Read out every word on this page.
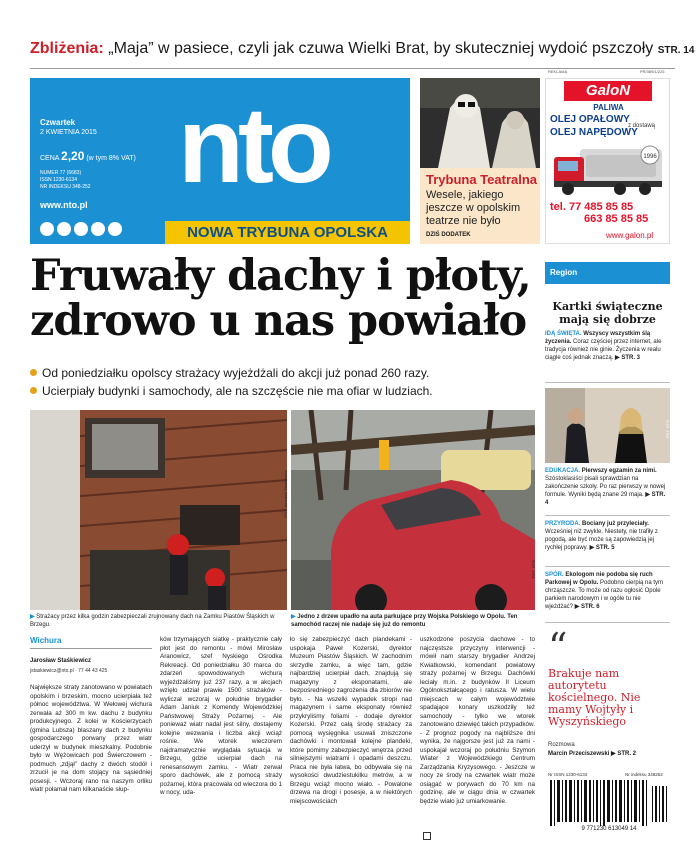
Zbliżenia: „Maja” w pasiece, czyli jak czuwa Wielki Brat, by skuteczniej wydoić pszczoły STR. 14
Czwartek
2 KWIETNIA 2015
CENA 2,20 (w tym 8% VAT)
NUMER 77 (6683)
ISSN 1230-6134
NR INDEKSU 348-252
www.nto.pl nto
NOWA TRYBUNA OPOLSKA
Trybuna Teatralna
Wesele, jakiego jeszcze w opolskim teatrze nie było
DZIŚ DODATEK
REKLAMA	PR/389/1/225
GaloN
PALIWA
OLEJ OPAŁOWY
OLEJ NAPĘDOWY
z dostawą
1996
tel. 77 485 85 85
663 85 85 85
www.galon.pl
Fruwały dachy i płoty,
zdrowo u nas powiało
Od poniedziałku opolscy strażacy wyjeżdżali do akcji już ponad 260 razy.
Ucierpiały budynki i samochody, ale na szczęście nie ma ofiar w ludziach.
FOT. Jarosław Staśkiewicz
FOT. NTO
▶ Strażacy przez kilka godzin zabezpieczali zrujnowany dach na Zamku Piastów Śląskich w Brzegu.
▶ Jedno z drzew upadło na auta parkujące przy Wojska Polskiego w Opolu. Ten samochód raczej nie nadaje się już do remontu
Wichura
Jarosław Staśkiewicz
jstaskiewicz@nto.pl · 77 44 43 425
Największe straty zanotowano w powiatach opolskim i brzeskim, mocno ucierpiała też północ województwa. W Wełowej wichura zerwała aż 300 m kw. dachu z budynku produkcyjnego. Z kolei w Kościerzycach (gmina Lubsza) blaszany dach z budynku gospodarczego porwany przez wiatr uderzył w budynek mieszkalny. Podobnie było w Wężowicach pod Świerczowem - podmuch „zdjął” dachy z dwóch stodół i zrzucił je na dom stojący na sąsiedniej posesji. - Wczoraj rano na naszym orliku wiatr połamał nam kilkanaście słup-
ków trzymających siatkę - praktycznie cały płot jest do remontu - mówi Mirosław Aranowicz, szef Nyskiego Ośrodka Rekreacji. Od poniedziałku 30 marca do zdarzeń spowodowanych wichurą wyjeżdżaliśmy już 237 razy, a w akcjach wzięło udział prawie 1500 strażaków - wyliczał wczoraj w południe brygadier Adam Janiuk z Komendy Wojewódzkiej Państwowej Straży Pożarnej. - Ale ponieważ wiatr nadal jest silny, dostajemy kolejne wezwania i liczba akcji wciąż rośnie. We wtorek wieczorem najdramatycznie wyglądała sytuacja w Brzegu, gdzie ucierpiał dach na renesansowym zamku. - Wiatr zerwał sporo dachówek, ale z pomocą straży pożarnej, która pracowała od wieczora do 1 w nocy, uda-
ło się zabezpieczyć dach plandekami - uspokaja Paweł Kozerski, dyrektor Muzeum Piastów Śląskich. W zachodnim skrzydle zamku, a więc tam, gdzie najbardziej ucierpiał dach, znajdują się magazyny z eksponatami, ale bezpośredniego zagrożenia dla zbiorów nie było. - Na wszelki wypadek stropi nad magazynem i same eksponaty również przykryliśmy foliami - dodaje dyrektor Kozerski. Przez całą środę strażacy za pomocą wysięgnika usuwali zniszczone dachówki i montowali kolejne plandeki, które pomimy zabezpieczyć wnętrza przed silniejszymi wiatrami i opadami deszczu. Praca nie była łatwa, bo odbywała się na wysokości dwudziestukilku metrów, a w Brzegu wciąż mocno wiało. - Powalone drzewa na drogi i posesje, a w niektórych miejscowościach
uszkodzone poszycia dachowe - to najczęstsze przyczyny interwencji - mówił nam starszy brygadier Andrzej Kwiatkowski, komendant powiatowy straży pożarnej w Brzegu. Dachówki leciały m.in. z budynków II Liceum Ogólnokształcącego i ratusza. W wielu miejscach w całym województwie spadające konary uszkodziły też samochody - tylko we wtorek zanotowano dziewięć takich przypadków. - Z prognoz pogody na najbliższe dni wynika, że najgorsze jest już za nami - uspokajał wczoraj po południu Szymon Wiater z Wojewódzkiego Centrum Zarządzania Kryzysowego. - Jeszcze w nocy ze środy na czwartek wiatr może osiągać w porywach do 70 km na godzinę, ale w ciągu dnia w czwartek będzie wiało już umiarkowanie.
Region
Kartki świąteczne mają się dobrze
IDĄ ŚWIĘTA. Wszyscy wszystkim ślą życzenia. Coraz częściej przez internet, ale tradycja również nie ginie. Życzenia w realu ciągle coś jednak znaczą. ▶ STR. 3
FOT. NTO
EDUKACJA. Pierwszy egzamin za nimi. Szóstoklasiści pisali sprawdzian na zakończenie szkoły. Po raz pierwszy w nowej formule. Wyniki będą znane 29 maja. ▶ STR. 4
PRZYRODA. Bociany już przyleciały. Wcześniej niż zwykle. Niestety, nie trafiły z pogodą, ale być może są zapowiedzią jej rychłej poprawy. ▶ STR. 5
SPÓR. Ekologom nie podoba się ruch Parkowej w Opolu. Podobno cierpią na tym chrząszcze. To może od razu ogłosić Opole parkiem narodowym i w ogóle tu nie wjeżdżać? ▶ STR. 6
“
Brakuje nam autorytetu kościelnego. Nie mamy Wojtyły i Wyszyńskiego
Rozmowa
Marcin Przeciszewski ▶ STR. 2
Nr ISSN 1230-6134	Nr indeksu 348252
9 771230 613049 14
